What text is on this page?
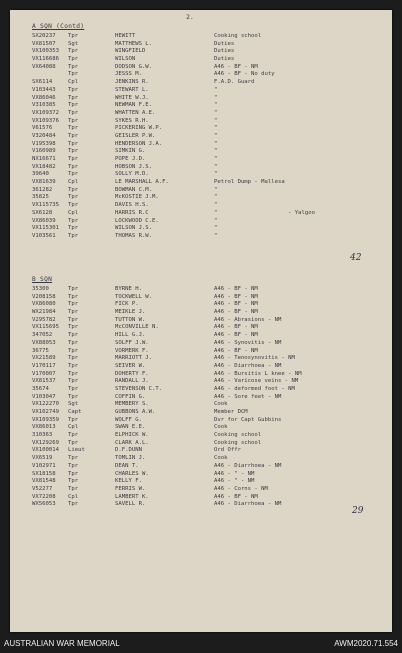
2.
A SQN (Contd)
SX20237 Tpr	HEWITT	Cooking school
VX81507 Sgt	MATTHEWS L.	Duties
VX100353 Tpr	WINGFIELD	Duties
VX116686 Tpr	WILSON	Duties
VX64088 Tpr	DODSON G.W.	A46 - BF - NM
Tpr	JESSS M.	A46 - BF - No duty
SX6114	Cpl	JENKINS R.	F.A.D. Guard
V103443 Tpr	STEWART L.	"
VX86046 Tpr	WHITE W.J.	"
V310385 Tpr	NEWMAN F.E.	"
VX109372 Tpr	WHATTEN A.E.	"
VX109376 Tpr	SYKES R.H.	"
V61576	Tpr	PICKERING W.P.	"
V320484 Tpr	GEISLER P.W.	"
V195398 Tpr	HENDERSON J.A.	"
V160989 Tpr	SIMKIN G.	"
NX16671 Tpr	POPE J.D.	"
VX18482 Tpr	HOBSON J.S.	"
39640	Tpr	SOLLY M.D.	"
VX81639 Cpl	LE MARSHALL A.F.	Petrol Dump - Mallesa
361282	Tpr	BOWMAN C.M.	"
35825	Tpr	McKOSTIE J.M.	"
VX115735 Tpr	DAVIS H.S.	"
SX6128	Cpl	HARRIS R.C	"	- Yalgoo
VX86039 Tpr	LOCKWOOD C.E.	"
VX115301 Tpr	WILSON J.S.	"
V103561 Tpr	THOMAS R.W.	"
42
B SQN
35300	Tpr	BYRNE H.	A46 - BF - NM
V208158 Tpr	TOCKWELL W.	A46 - BF - NM
VX86080 Tpr	FICK P.	A46 - BF - NM
WX21984 Tpr	MEIKLE J.	A46 - BF - NM
V295782 Tpr	TUTTON W.	A46 - Abrasions - NM
VX115695 Tpr	McCONVILLE N.	A46 - BF - NM
347052	Tpr	HILL G.J.	A46 - BF - NM
VX88053 Tpr	SOLFF J.W.	A46 - Synovitis - NM
36775	Tpr	VORMERK F.	A46 - BF - NM
VX21589 Tpr	MARRIOTT J.	A46 - Tenosynovitis - NM
V170117 Tpr	SEIVER W.	A46 - Diarrhoea - NM
V170007 Tpr	DOHERTY F.	A46 - Bursitis L knee - NM
VX81537 Tpr	RANDALL J.	A46 - Varicose veins - NM
35674	Tpr	STEVENSON C.T.	A46 - deformed foot - NM
V103047 Tpr	COFFIN G.	A46 - Sore feet - NM
VX122270 Sgt	MEMBERY S.	Cook
VX102749 Capt	GUBBONS A.W.	Member DCM
VX109359 Tpr	WOLFF G.	Dvr for Capt Gubbins
VX86013 Cpl	SWAN E.E.	Cook
310363	Tpr	ELPHICK W.	Cooking school
VX129269 Tpr	CLARK A.L.	Cooking school
VX100014 Lieut	D.F.DUNN	Ord Offr
VX6519	Tpr	TOMLIN J.	Cook
V102971 Tpr	DEAN T.	A46 - Diarrhoea - NM
SX18158 Tpr	CHARLES W.	A46 - " - NM
VX81548 Tpr	KELLY F.	A46 - " - NM
V52277	Tpr	FERRIS W.	A46 - Corns - NM
VX72208 Cpl	LAMBERT K.	A46 - BF - NM
WX56053 Tpr	SAVELL R.	A46 - Diarrhoea - NM
29
AUSTRALIAN WAR MEMORIAL	AWM2020.71.554
